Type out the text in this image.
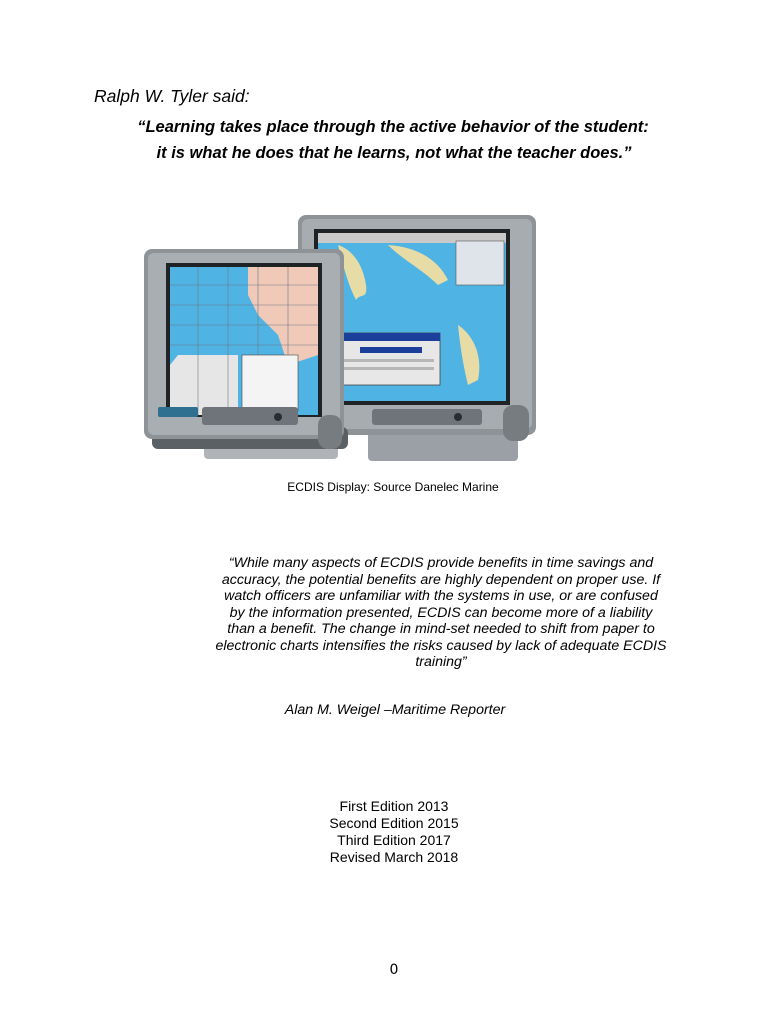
Ralph W. Tyler said:
“Learning takes place through the active behavior of the student:
it is what he does that he learns, not what the teacher does.”
ECDIS Display: Source Danelec Marine
“While many aspects of ECDIS provide benefits in time savings and
accuracy, the potential benefits are highly dependent on proper use. If
watch officers are unfamiliar with the systems in use, or are confused
by the information presented, ECDIS can become more of a liability
than a benefit. The change in mind-set needed to shift from paper to
electronic charts intensifies the risks caused by lack of adequate ECDIS
training”
Alan M. Weigel –Maritime Reporter
First Edition 2013
Second Edition 2015
Third Edition 2017
Revised March 2018
0
